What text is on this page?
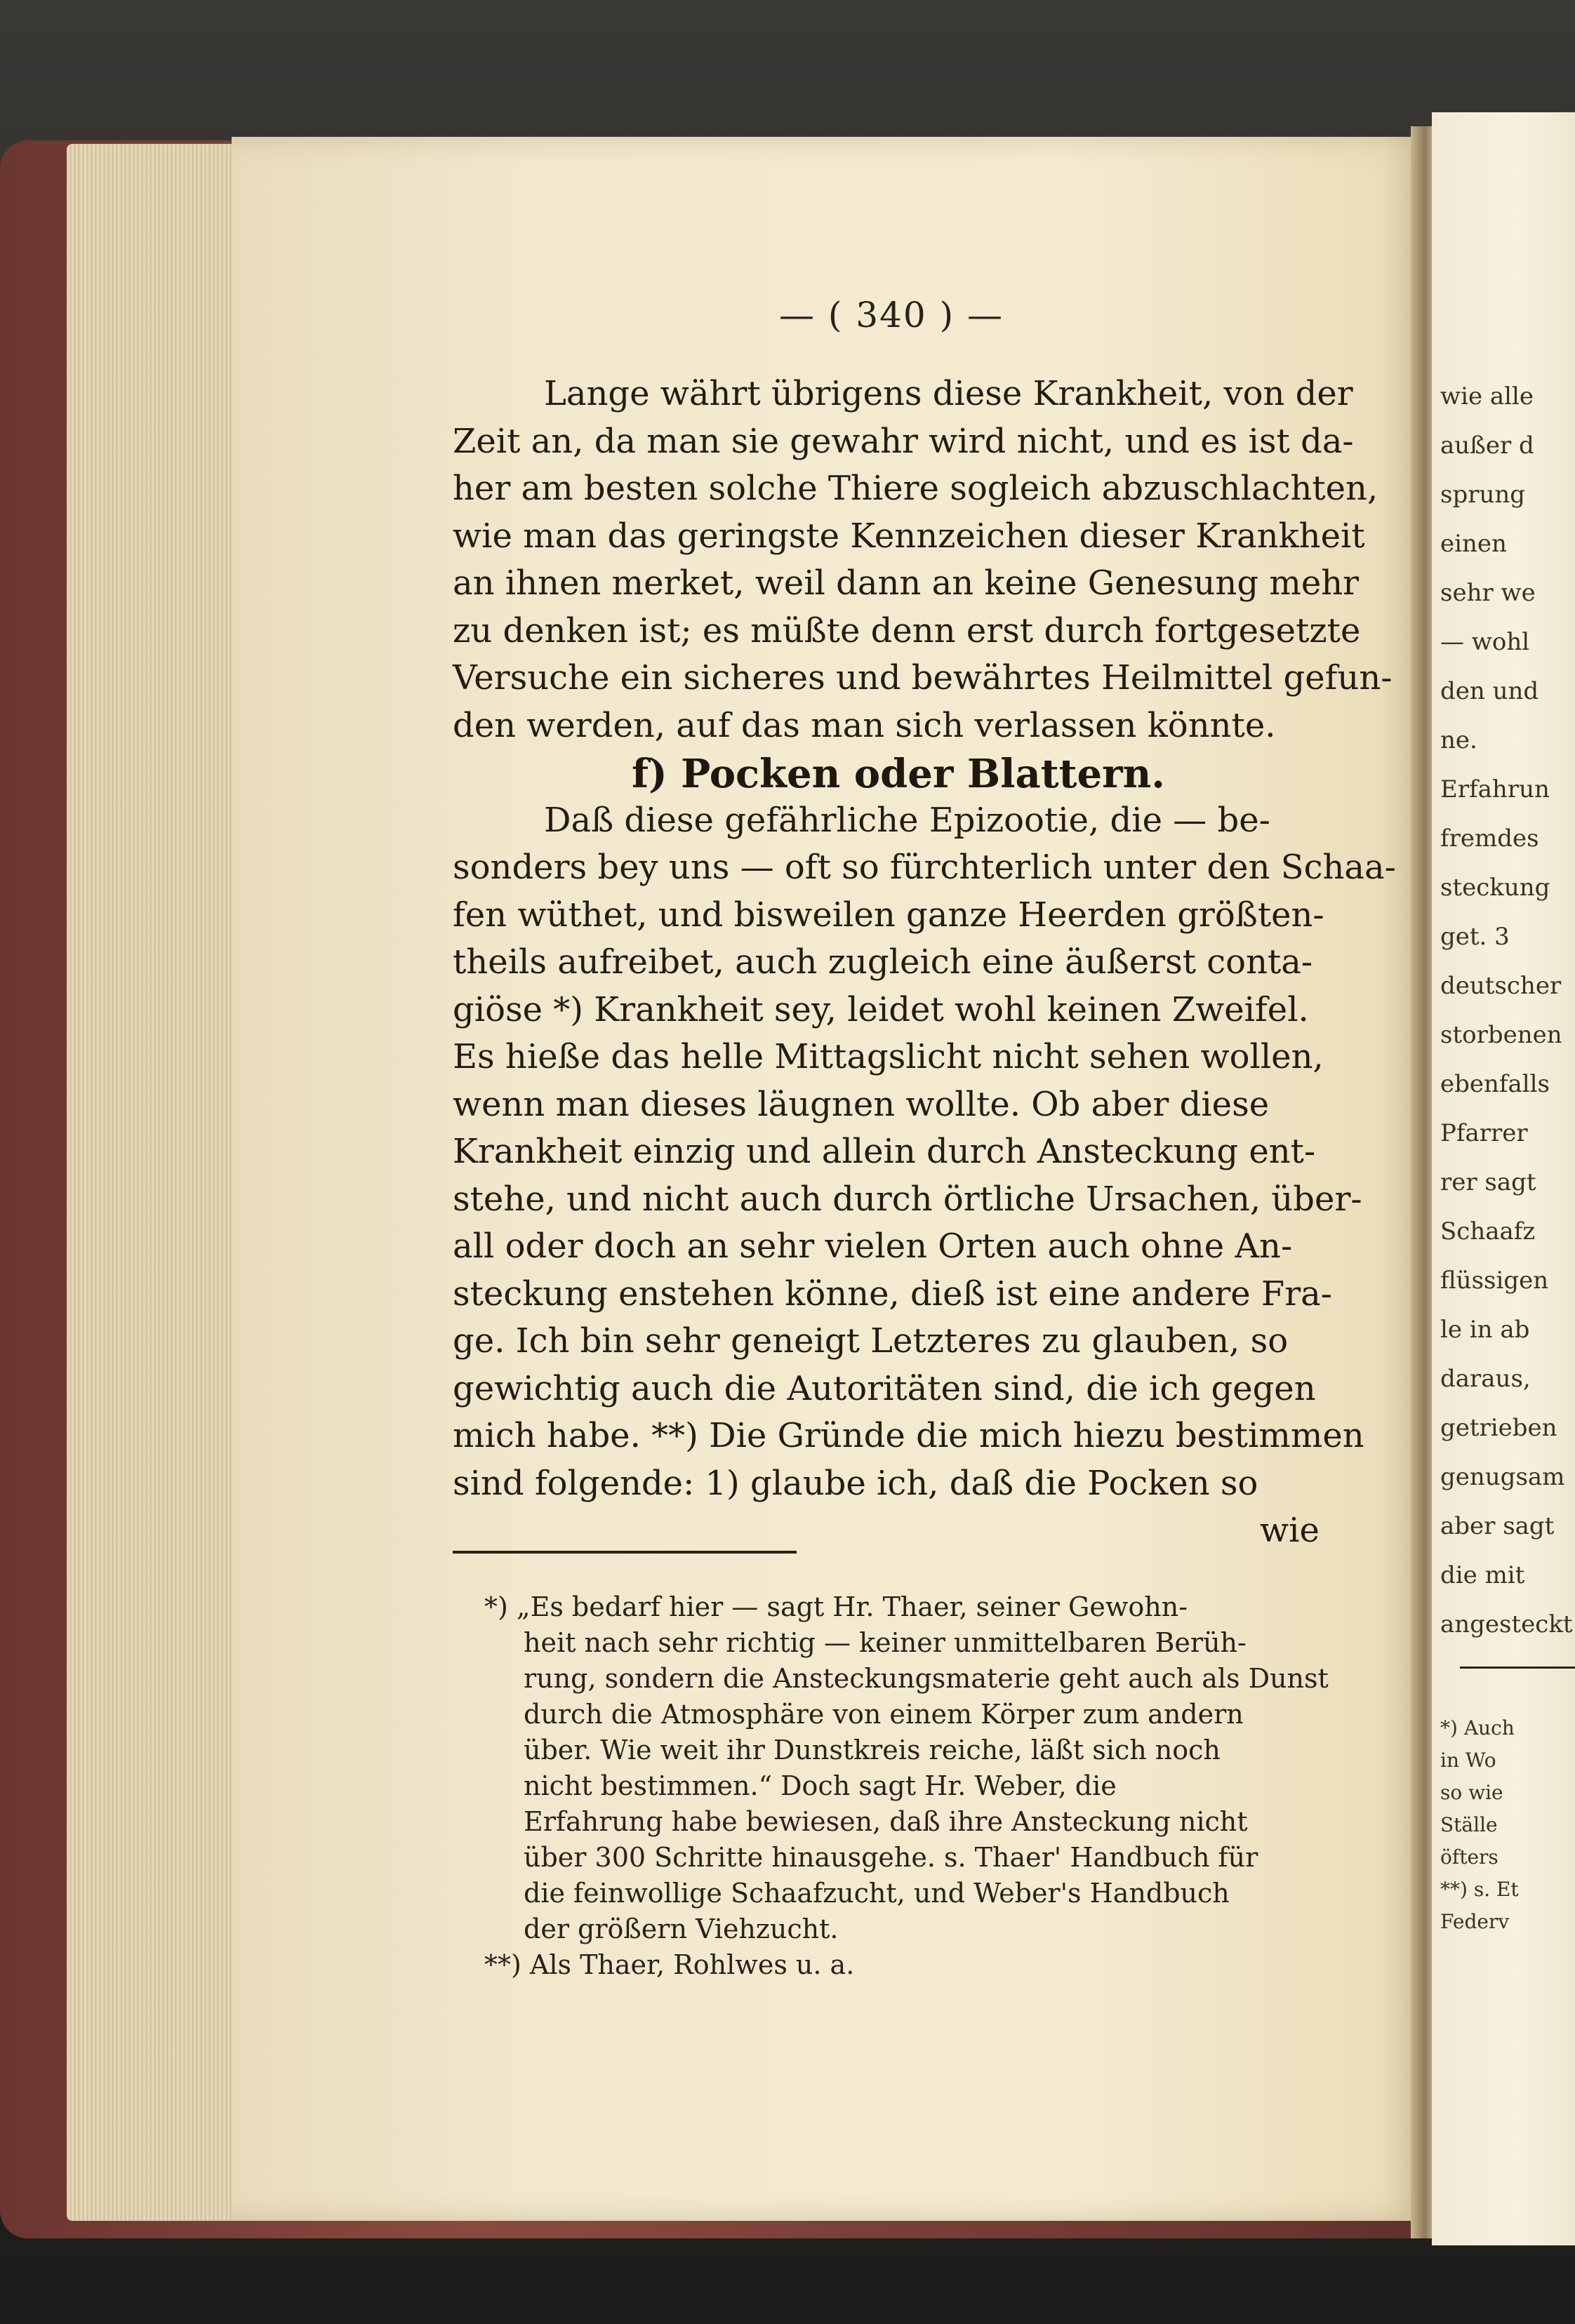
— ( 340 ) —
Lange währt übrigens diese Krankheit, von der
Zeit an, da man sie gewahr wird nicht, und es ist da-
her am besten solche Thiere sogleich abzuschlachten,
wie man das geringste Kennzeichen dieser Krankheit
an ihnen merket, weil dann an keine Genesung mehr
zu denken ist; es müßte denn erst durch fortgesetzte
Versuche ein sicheres und bewährtes Heilmittel gefun-
den werden, auf das man sich verlassen könnte.
Daß diese gefährliche Epizootie, die — be-
sonders bey uns — oft so fürchterlich unter den Schaa-
fen wüthet, und bisweilen ganze Heerden größten-
theils aufreibet, auch zugleich eine äußerst conta-
giöse *) Krankheit sey, leidet wohl keinen Zweifel.
Es hieße das helle Mittagslicht nicht sehen wollen,
wenn man dieses läugnen wollte. Ob aber diese
Krankheit einzig und allein durch Ansteckung ent-
stehe, und nicht auch durch örtliche Ursachen, über-
all oder doch an sehr vielen Orten auch ohne An-
steckung enstehen könne, dieß ist eine andere Fra-
ge. Ich bin sehr geneigt Letzteres zu glauben, so
gewichtig auch die Autoritäten sind, die ich gegen
mich habe. **) Die Gründe die mich hiezu bestimmen
sind folgende: 1) glaube ich, daß die Pocken so
wie
f) Pocken oder Blattern.
*) „Es bedarf hier — sagt Hr. Thaer, seiner Gewohn-
heit nach sehr richtig — keiner unmittelbaren Berüh-
rung, sondern die Ansteckungsmaterie geht auch als Dunst
durch die Atmosphäre von einem Körper zum andern
über. Wie weit ihr Dunstkreis reiche, läßt sich noch
nicht bestimmen.“ Doch sagt Hr. Weber, die
Erfahrung habe bewiesen, daß ihre Ansteckung nicht
über 300 Schritte hinausgehe. s. Thaer' Handbuch für
die feinwollige Schaafzucht, und Weber's Handbuch
der größern Viehzucht.
**) Als Thaer, Rohlwes u. a.
wie alle
außer d
sprung
einen
sehr we
— wohl
den und
ne.
Erfahrun
fremdes
steckung
get. 3
deutscher
storbenen
ebenfalls
Pfarrer
rer sagt
Schaafz
flüssigen
le in ab
daraus,
getrieben
genugsam
aber sagt
die mit
angesteckt
*) Auch
in Wo
so wie
Ställe
öfters
**) s. Et
Federv
